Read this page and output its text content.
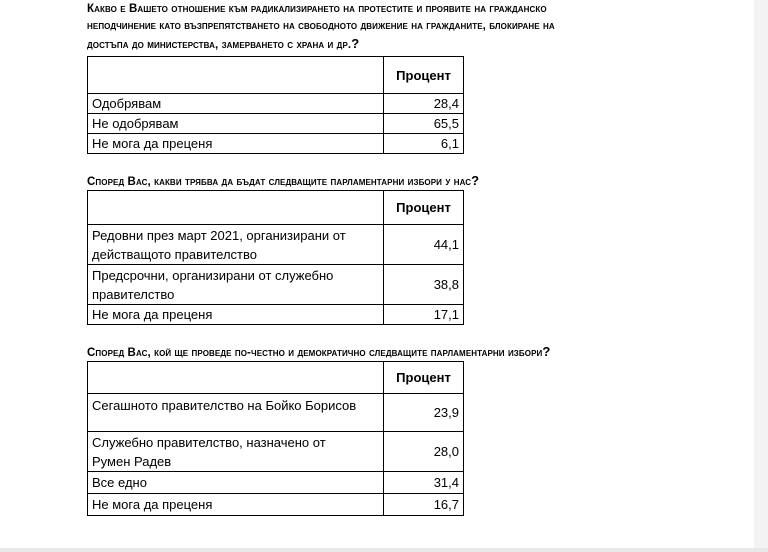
Какво е Вашето отношение към радикализирането на протестите и проявите на гражданско
неподчинение като възпрепятстването на свободното движение на гражданите, блокиране на
достъпа до министерства, замерването с храна и др.?
	Процент
Одобрявам	28,4
Не одобрявам	65,5
Не мога да преценя	6,1
Според Вас, какви трябва да бъдат следващите парламентарни избори у нас?
	Процент

Редовни през март 2021, организирани от
действащото правителство	44,1

Предсрочни, организирани от служебно
правителство	38,8
Не мога да преценя	17,1
Според Вас, кой ще проведе по-честно и демократично следващите парламентарни избори?
	Процент
Сегашното правителство на Бойко Борисов	23,9

Служебно правителство, назначено от
Румен Радев	28,0
Все едно	31,4
Не мога да преценя	16,7
